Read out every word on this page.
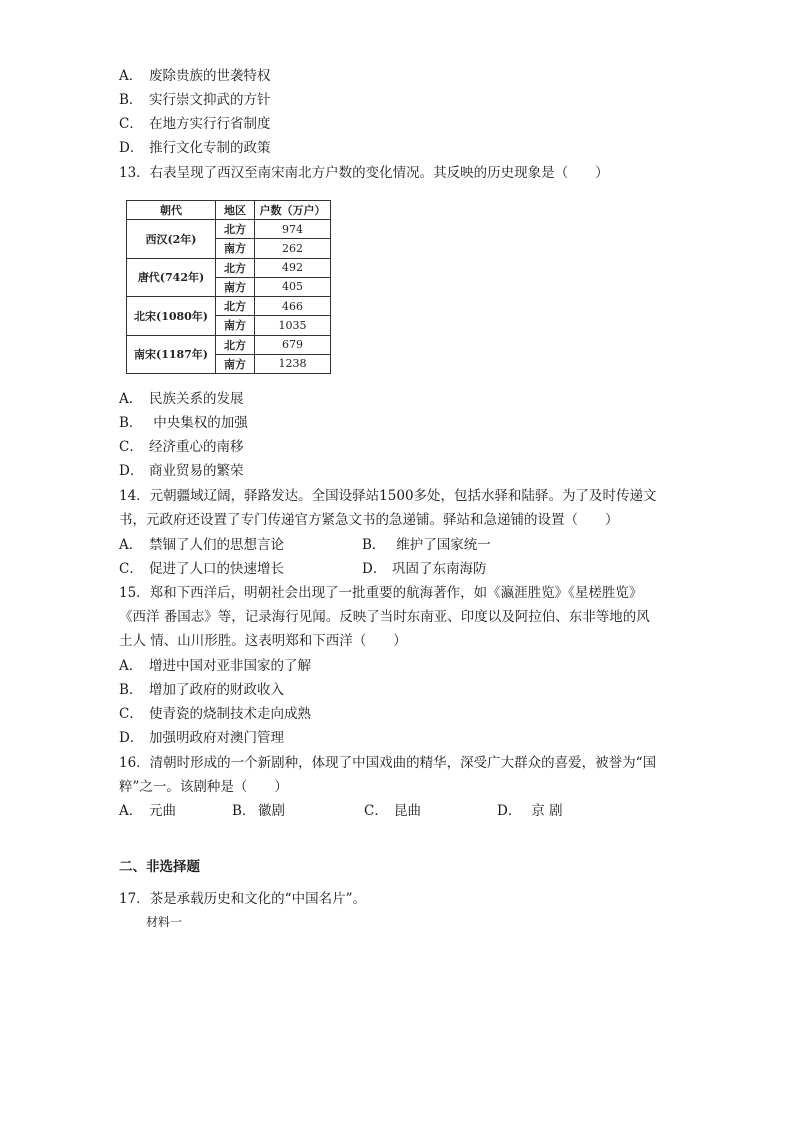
A． 废除贵族的世袭特权
B． 实行崇文抑武的方针
C． 在地方实行行省制度
D． 推行文化专制的政策
13．右表呈现了西汉至南宋南北方户数的变化情况。其反映的历史现象是（　　）
朝代	地区	户数（万户）
西汉(2年)	北方	974
	南方	262
唐代(742年)	北方	492
	南方	405
北宋(1080年)	北方	466
	南方	1035
南宋(1187年)	北方	679
	南方	1238
A． 民族关系的发展
B． 中央集权的加强
C． 经济重心的南移
D． 商业贸易的繁荣
14．元朝疆域辽阔，驿路发达。全国设驿站1500多处，包括水驿和陆驿。为了及时传递文
书，元政府还设置了专门传递官方紧急文书的急递铺。驿站和急递铺的设置（　　）
A． 禁锢了人们的思想言论	B． 维护了国家统一
C． 促进了人口的快速增长	D． 巩固了东南海防
15．郑和下西洋后，明朝社会出现了一批重要的航海著作，如《瀛涯胜览》《星槎胜览》
《西洋 番国志》等，记录海行见闻。反映了当时东南亚、印度以及阿拉伯、东非等地的风
土人 情、山川形胜。这表明郑和下西洋（　　）
A． 增进中国对亚非国家的了解
B． 增加了政府的财政收入
C． 使青瓷的烧制技术走向成熟
D． 加强明政府对澳门管理
16．清朝时形成的一个新剧种，体现了中国戏曲的精华，深受广大群众的喜爱，被誉为“国
粹”之一。该剧种是（　　）
A． 元曲	B． 徽剧	C． 昆曲	D． 京 剧
二、非选择题
17．茶是承载历史和文化的“中国名片”。
材料一
